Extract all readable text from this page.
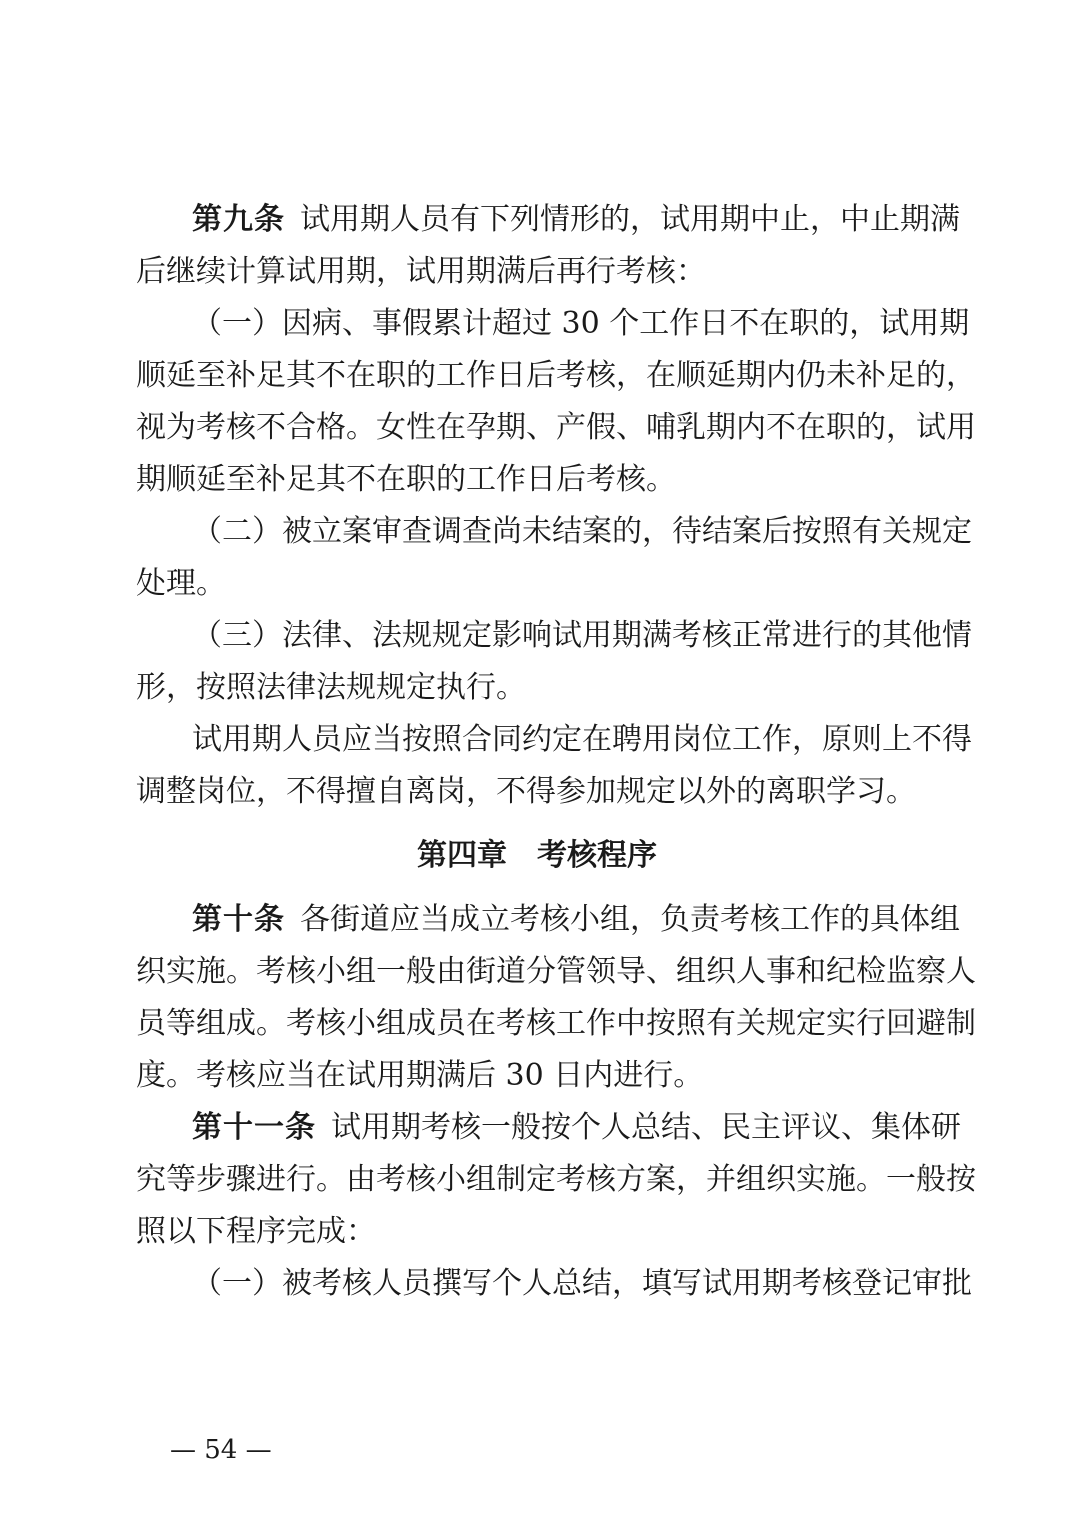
第九条  试用期人员有下列情形的，试用期中止，中止期满
后继续计算试用期，试用期满后再行考核：
（一）因病、事假累计超过 30 个工作日不在职的，试用期
顺延至补足其不在职的工作日后考核，在顺延期内仍未补足的，
视为考核不合格。女性在孕期、产假、哺乳期内不在职的，试用
期顺延至补足其不在职的工作日后考核。
（二）被立案审查调查尚未结案的，待结案后按照有关规定
处理。
（三）法律、法规规定影响试用期满考核正常进行的其他情
形，按照法律法规规定执行。
试用期人员应当按照合同约定在聘用岗位工作，原则上不得
调整岗位，不得擅自离岗，不得参加规定以外的离职学习。
第四章　考核程序
第十条  各街道应当成立考核小组，负责考核工作的具体组
织实施。考核小组一般由街道分管领导、组织人事和纪检监察人
员等组成。考核小组成员在考核工作中按照有关规定实行回避制
度。考核应当在试用期满后 30 日内进行。
第十一条  试用期考核一般按个人总结、民主评议、集体研
究等步骤进行。由考核小组制定考核方案，并组织实施。一般按
照以下程序完成：
（一）被考核人员撰写个人总结，填写试用期考核登记审批
— 54 —
